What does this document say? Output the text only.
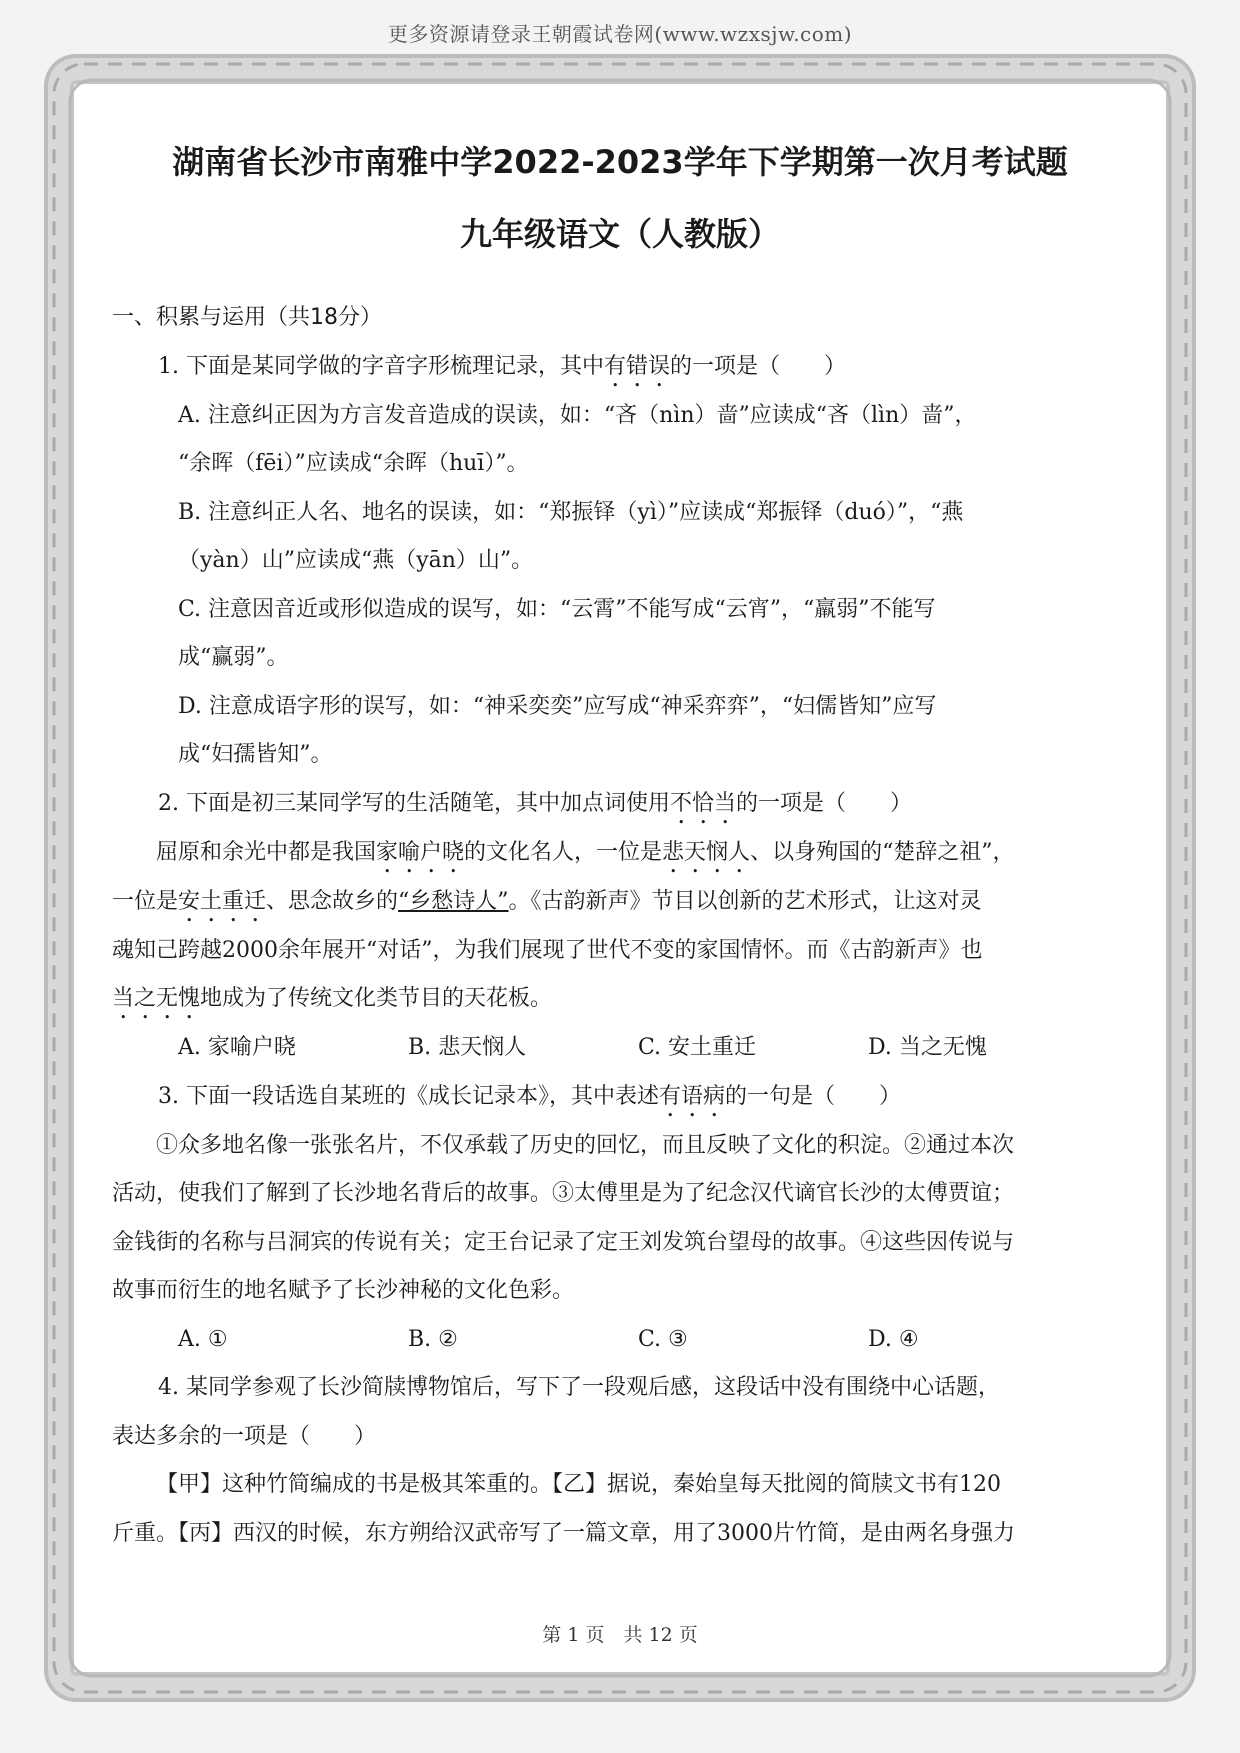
更多资源请登录王朝霞试卷网(www.wzxsjw.com)
湖南省长沙市南雅中学2022-2023学年下学期第一次月考试题
九年级语文（人教版）
一、积累与运用（共18分）
1. 下面是某同学做的字音字形梳理记录，其中有错误的一项是（　　）
A. 注意纠正因为方言发音造成的误读，如：“吝（nìn）啬”应读成“吝（lìn）啬”，
“余晖（fēi）”应读成“余晖（huī）”。
B. 注意纠正人名、地名的误读，如：“郑振铎（yì）”应读成“郑振铎（duó）”，“燕
（yàn）山”应读成“燕（yān）山”。
C. 注意因音近或形似造成的误写，如：“云霄”不能写成“云宵”，“羸弱”不能写
成“赢弱”。
D. 注意成语字形的误写，如：“神采奕奕”应写成“神采弈弈”，“妇儒皆知”应写
成“妇孺皆知”。
2. 下面是初三某同学写的生活随笔，其中加点词使用不恰当的一项是（　　）
屈原和余光中都是我国家喻户晓的文化名人，一位是悲天悯人、以身殉国的“楚辞之祖”，
一位是安土重迁、思念故乡的“乡愁诗人”。《古韵新声》节目以创新的艺术形式，让这对灵
魂知己跨越2000余年展开“对话”，为我们展现了世代不变的家国情怀。而《古韵新声》也
当之无愧地成为了传统文化类节目的天花板。
A. 家喻户晓	B. 悲天悯人	C. 安土重迁	D. 当之无愧
3. 下面一段话选自某班的《成长记录本》，其中表述有语病的一句是（　　）
①众多地名像一张张名片，不仅承载了历史的回忆，而且反映了文化的积淀。②通过本次
活动，使我们了解到了长沙地名背后的故事。③太傅里是为了纪念汉代谪官长沙的太傅贾谊；
金钱街的名称与吕洞宾的传说有关；定王台记录了定王刘发筑台望母的故事。④这些因传说与
故事而衍生的地名赋予了长沙神秘的文化色彩。
A. ①	B. ②	C. ③	D. ④
4. 某同学参观了长沙简牍博物馆后，写下了一段观后感，这段话中没有围绕中心话题，
表达多余的一项是（　　）
【甲】这种竹简编成的书是极其笨重的。【乙】据说，秦始皇每天批阅的简牍文书有120
斤重。【丙】西汉的时候，东方朔给汉武帝写了一篇文章，用了3000片竹简，是由两名身强力
第 1 页　共 12 页
